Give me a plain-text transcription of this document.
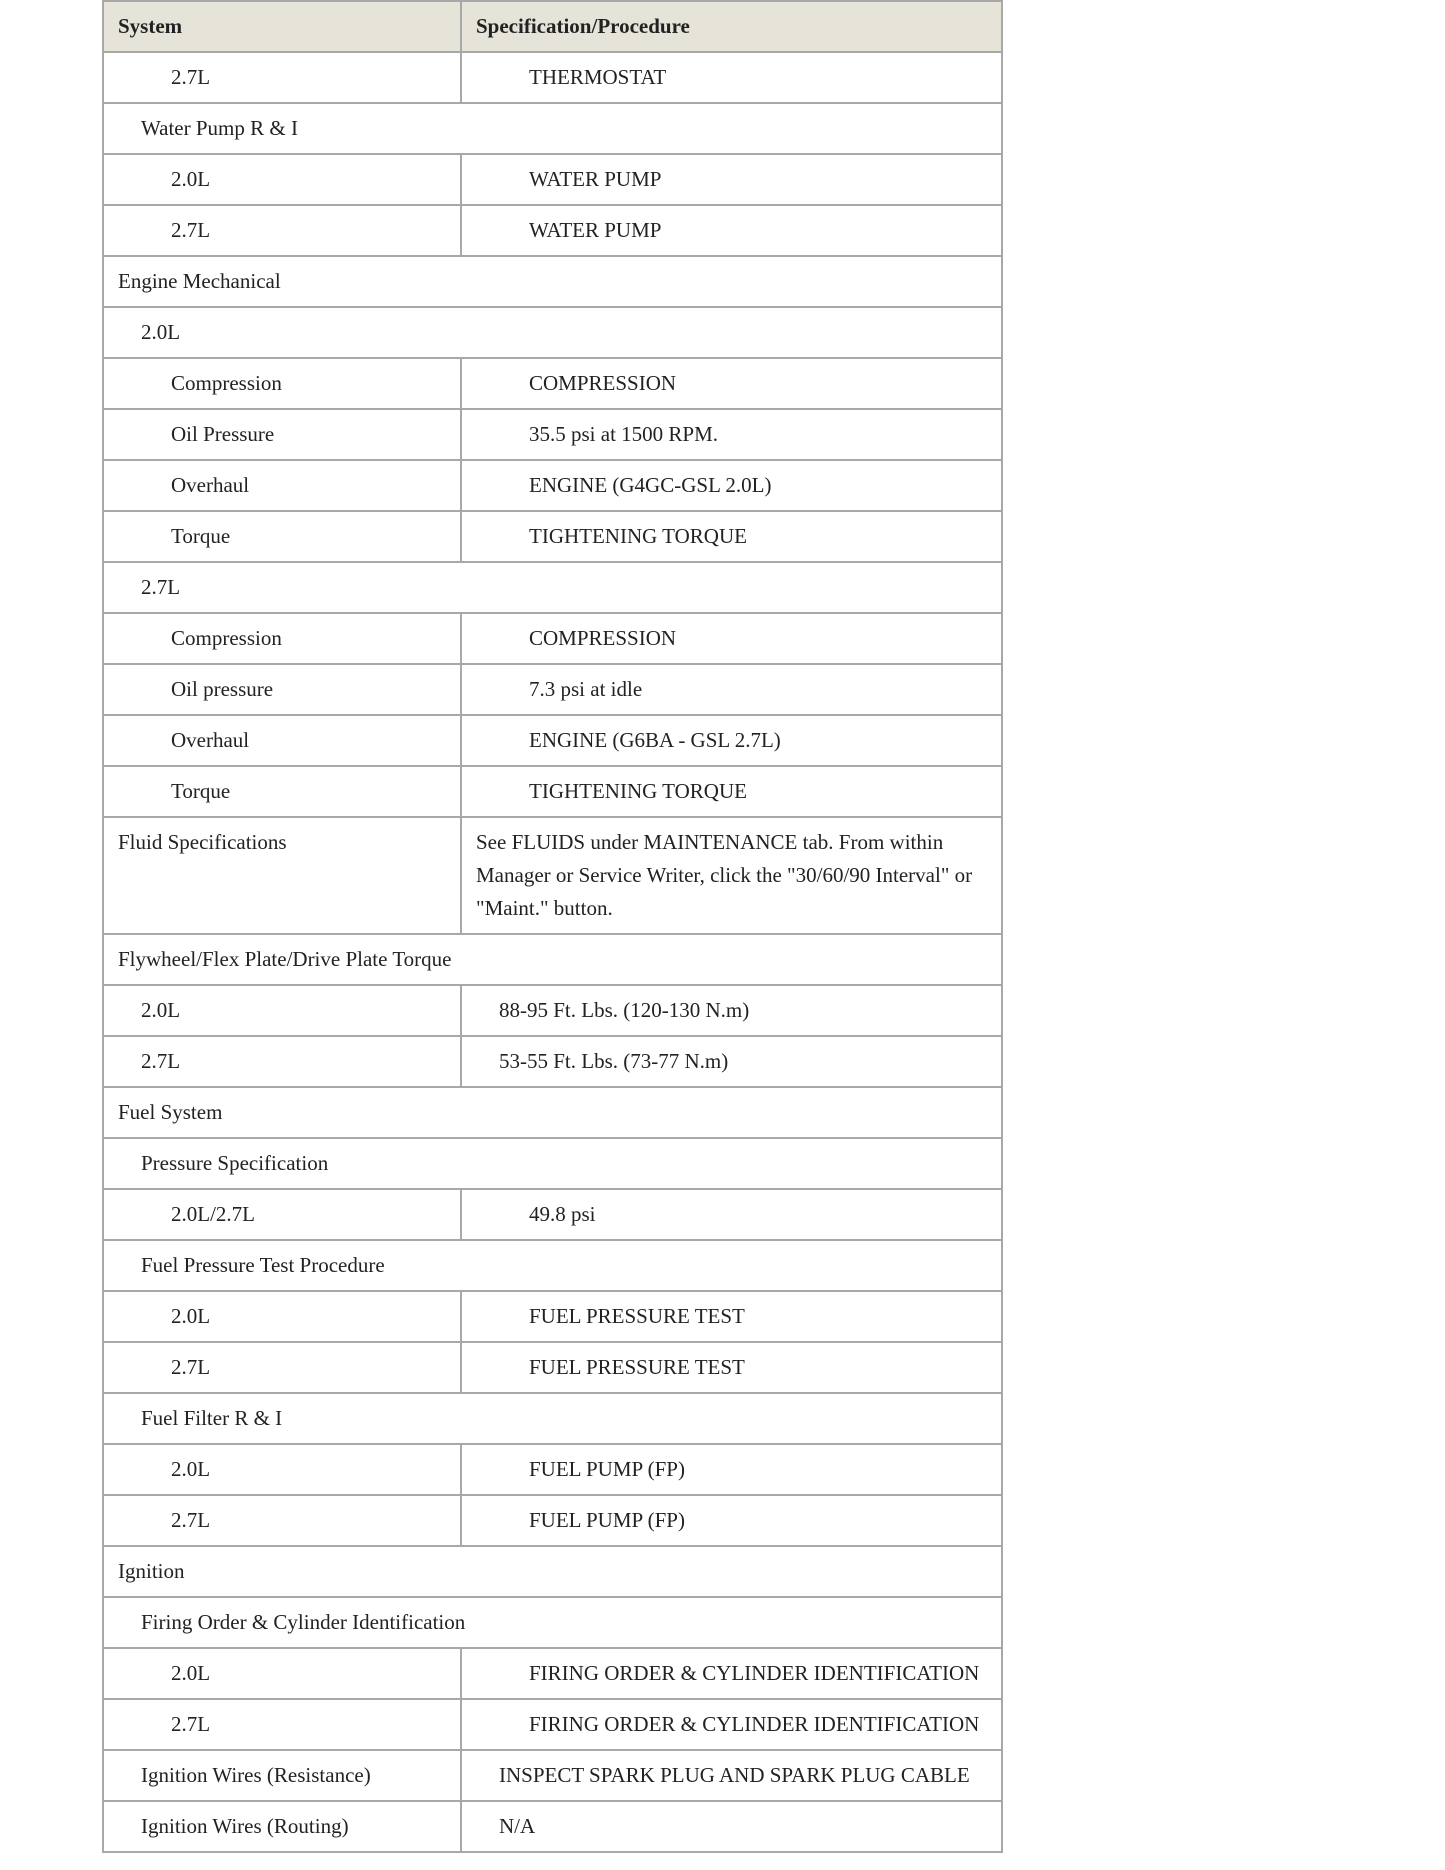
System	Specification/Procedure
2.7L	THERMOSTAT
Water Pump R & I	
2.0L	WATER PUMP
2.7L	WATER PUMP
Engine Mechanical	
2.0L	
Compression	COMPRESSION
Oil Pressure	35.5 psi at 1500 RPM.
Overhaul	ENGINE (G4GC-GSL 2.0L)
Torque	TIGHTENING TORQUE
2.7L	
Compression	COMPRESSION
Oil pressure	7.3 psi at idle
Overhaul	ENGINE (G6BA - GSL 2.7L)
Torque	TIGHTENING TORQUE
Fluid Specifications	See FLUIDS under MAINTENANCE tab. From within Manager or Service Writer, click the "30/60/90 Interval" or "Maint." button.
Flywheel/Flex Plate/Drive Plate Torque	
2.0L	88-95 Ft. Lbs. (120-130 N.m)
2.7L	53-55 Ft. Lbs. (73-77 N.m)
Fuel System	
Pressure Specification	
2.0L/2.7L	49.8 psi
Fuel Pressure Test Procedure	
2.0L	FUEL PRESSURE TEST
2.7L	FUEL PRESSURE TEST
Fuel Filter R & I	
2.0L	FUEL PUMP (FP)
2.7L	FUEL PUMP (FP)
Ignition	
Firing Order & Cylinder Identification	
2.0L	FIRING ORDER & CYLINDER IDENTIFICATION
2.7L	FIRING ORDER & CYLINDER IDENTIFICATION
Ignition Wires (Resistance)	INSPECT SPARK PLUG AND SPARK PLUG CABLE
Ignition Wires (Routing)	N/A
